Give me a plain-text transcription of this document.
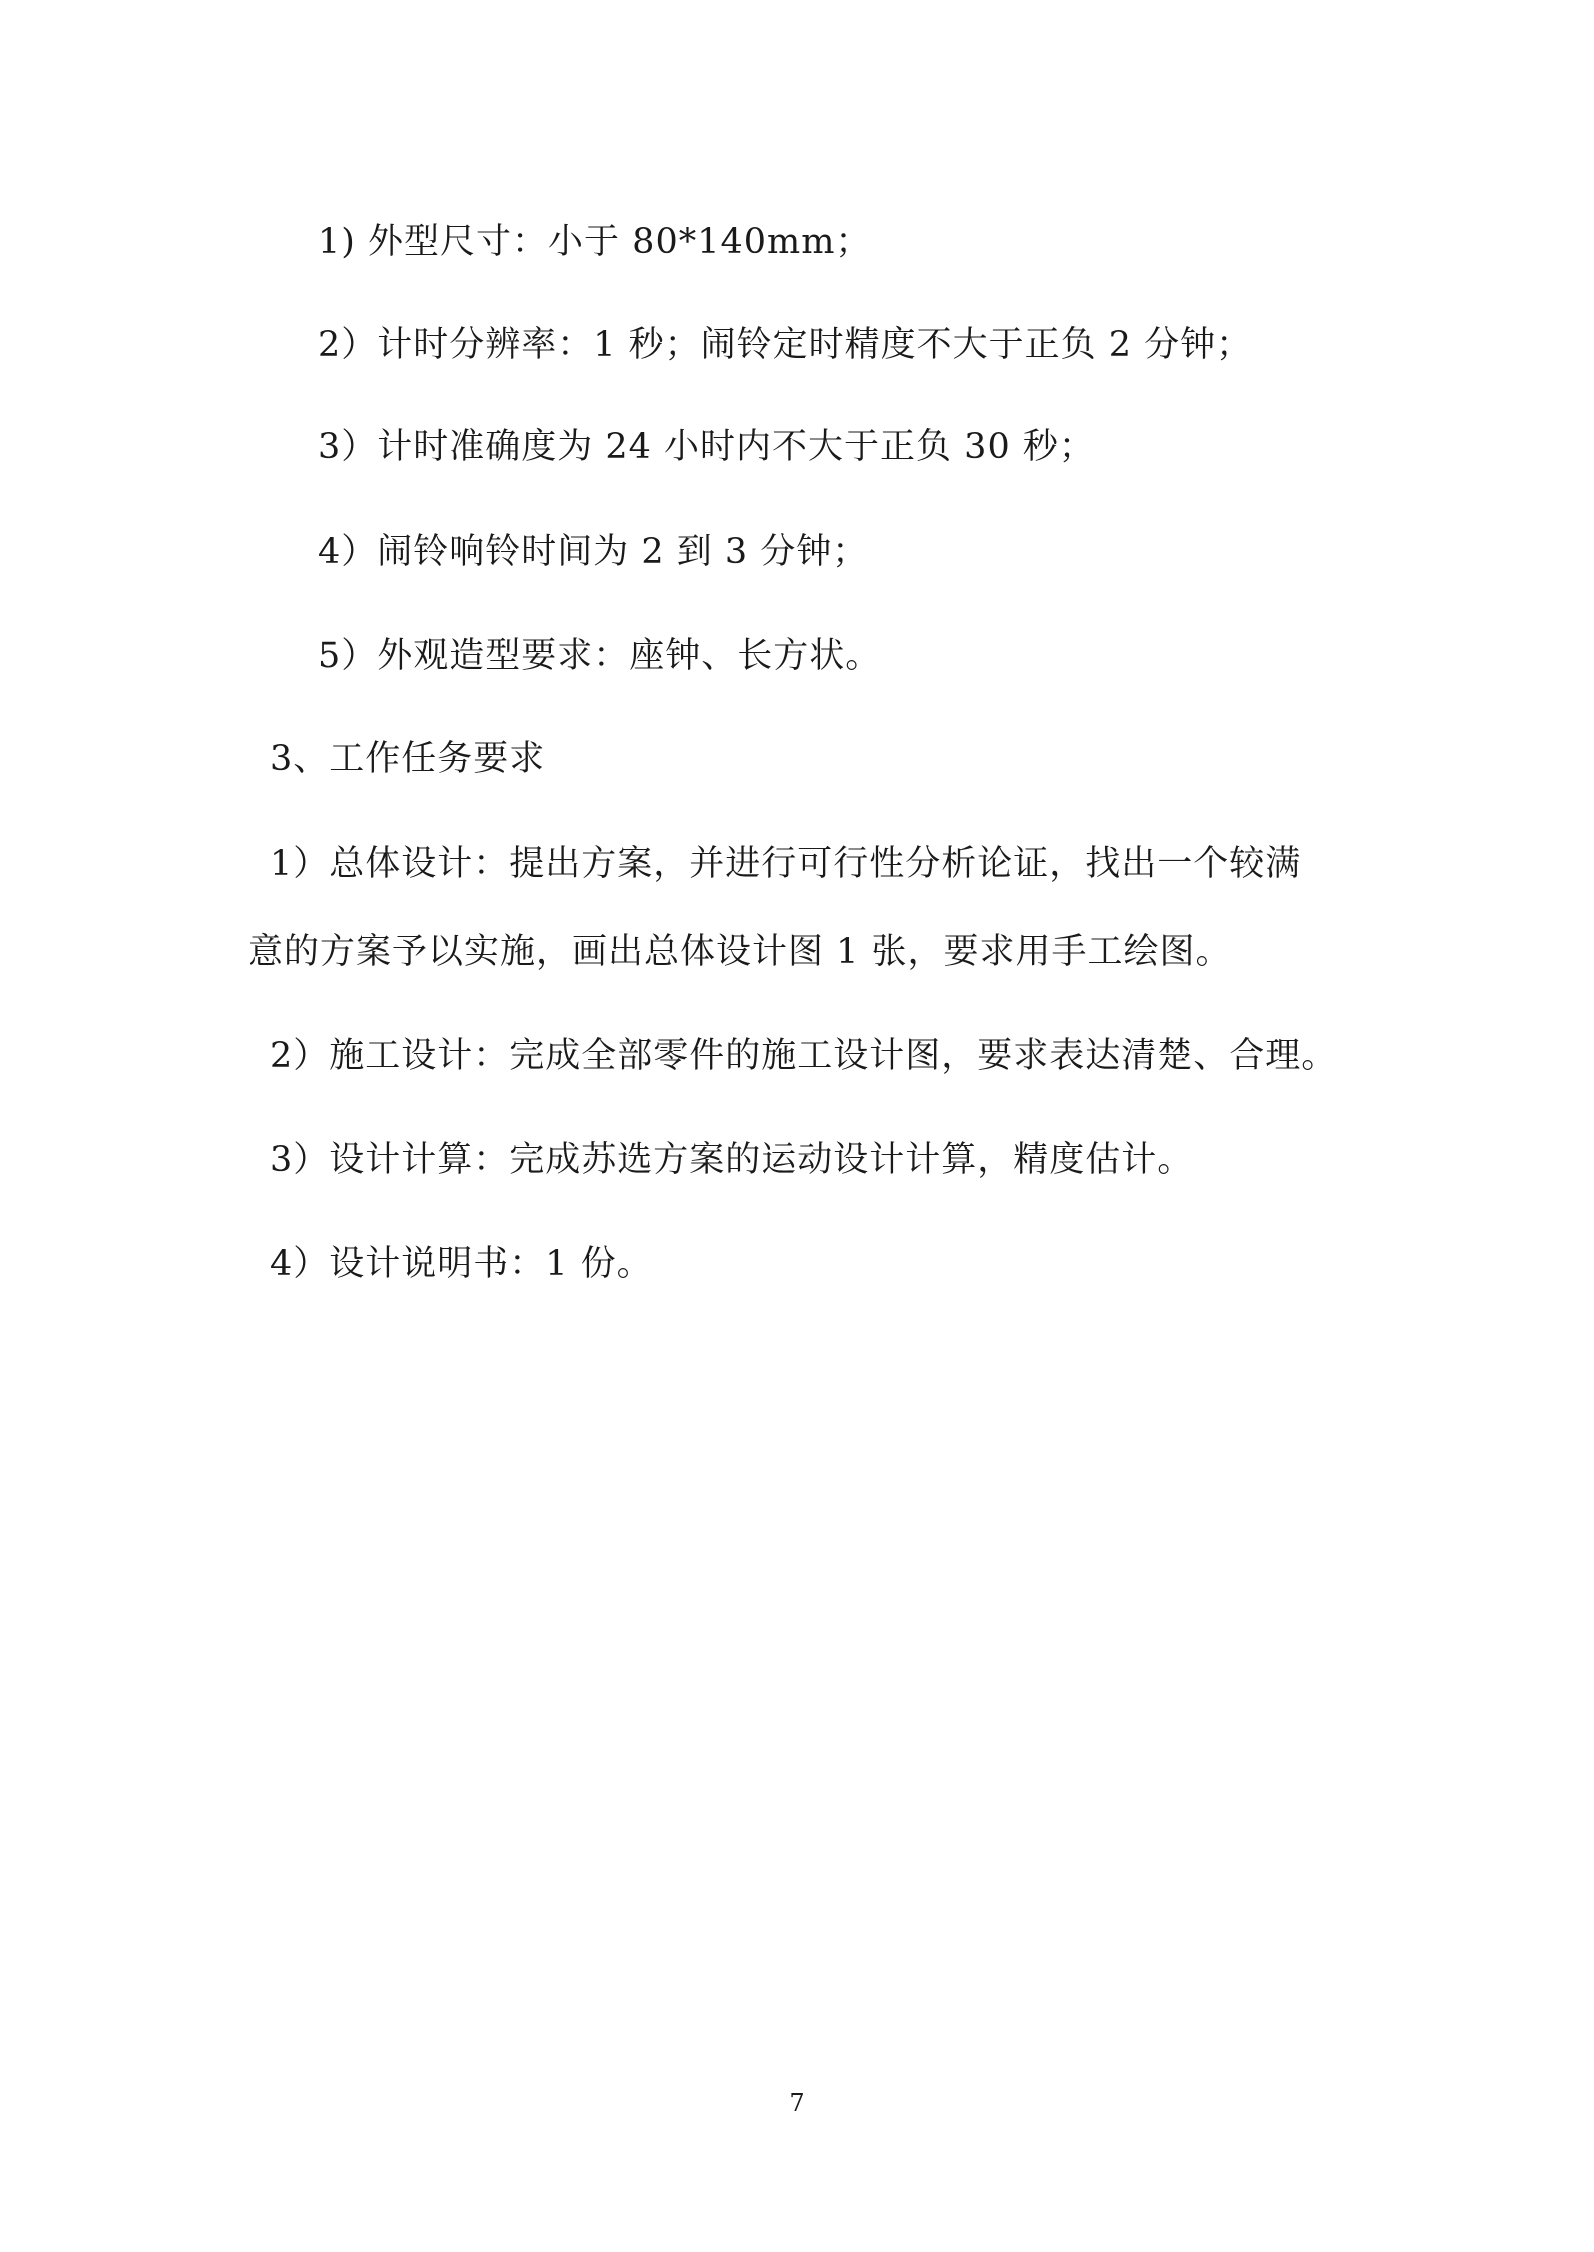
1) 外型尺寸：小于 80*140mm；
2）计时分辨率：1 秒；闹铃定时精度不大于正负 2 分钟；
3）计时准确度为 24 小时内不大于正负 30 秒；
4）闹铃响铃时间为 2 到 3 分钟；
5）外观造型要求：座钟、长方状。
3、工作任务要求
1）总体设计：提出方案，并进行可行性分析论证，找出一个较满
意的方案予以实施，画出总体设计图 1 张，要求用手工绘图。
2）施工设计：完成全部零件的施工设计图，要求表达清楚、合理。
3）设计计算：完成苏选方案的运动设计计算，精度估计。
4）设计说明书：1 份。
7
